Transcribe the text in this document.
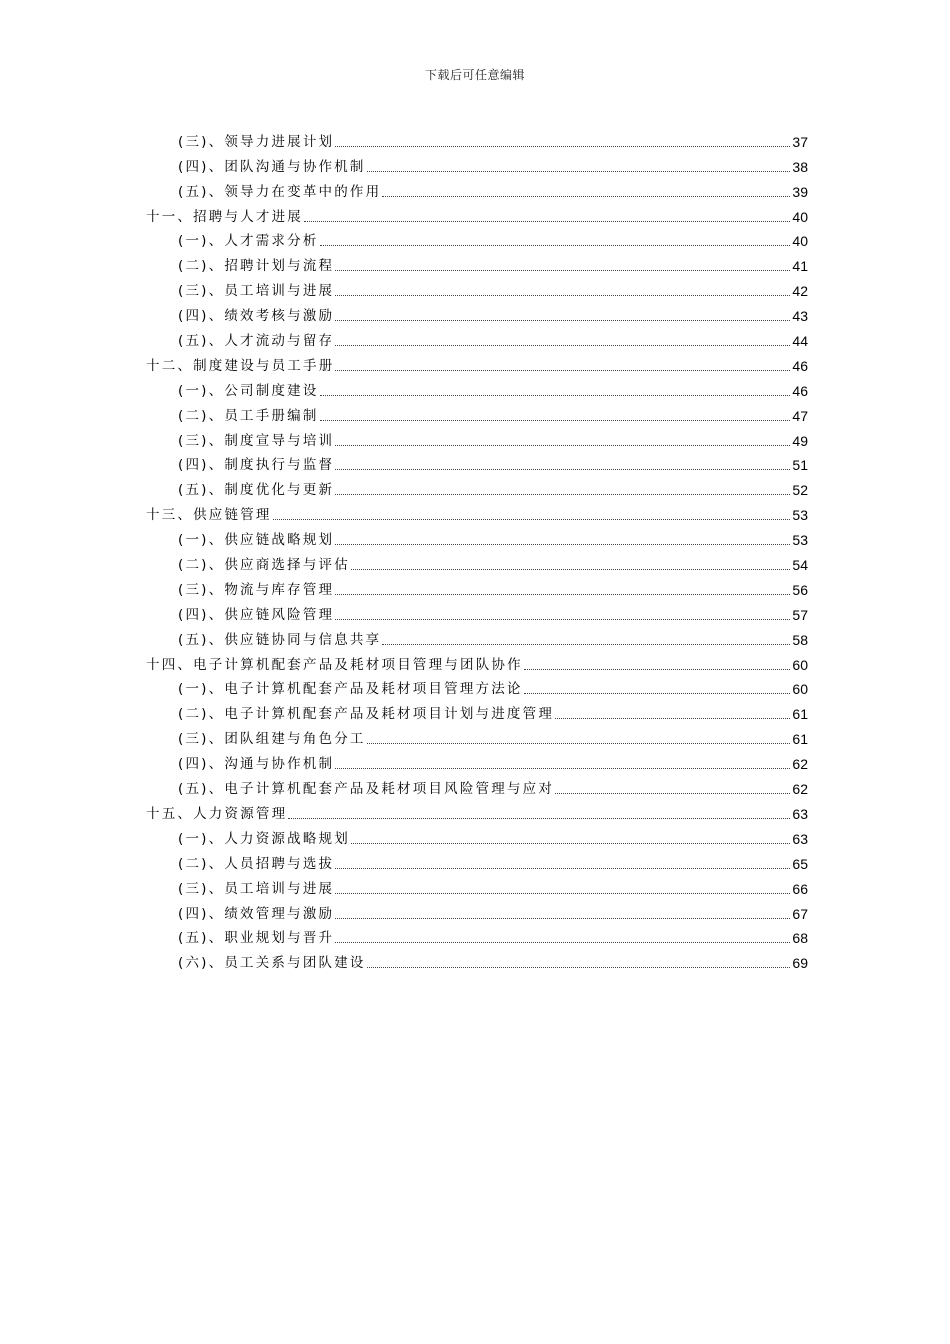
下载后可任意编辑
(三)、领导力进展计划	37
(四)、团队沟通与协作机制	38
(五)、领导力在变革中的作用	39
十一、招聘与人才进展	40
(一)、人才需求分析	40
(二)、招聘计划与流程	41
(三)、员工培训与进展	42
(四)、绩效考核与激励	43
(五)、人才流动与留存	44
十二、制度建设与员工手册	46
(一)、公司制度建设	46
(二)、员工手册编制	47
(三)、制度宣导与培训	49
(四)、制度执行与监督	51
(五)、制度优化与更新	52
十三、供应链管理	53
(一)、供应链战略规划	53
(二)、供应商选择与评估	54
(三)、物流与库存管理	56
(四)、供应链风险管理	57
(五)、供应链协同与信息共享	58
十四、电子计算机配套产品及耗材项目管理与团队协作	60
(一)、电子计算机配套产品及耗材项目管理方法论	60
(二)、电子计算机配套产品及耗材项目计划与进度管理	61
(三)、团队组建与角色分工	61
(四)、沟通与协作机制	62
(五)、电子计算机配套产品及耗材项目风险管理与应对	62
十五、人力资源管理	63
(一)、人力资源战略规划	63
(二)、人员招聘与选拔	65
(三)、员工培训与进展	66
(四)、绩效管理与激励	67
(五)、职业规划与晋升	68
(六)、员工关系与团队建设	69
